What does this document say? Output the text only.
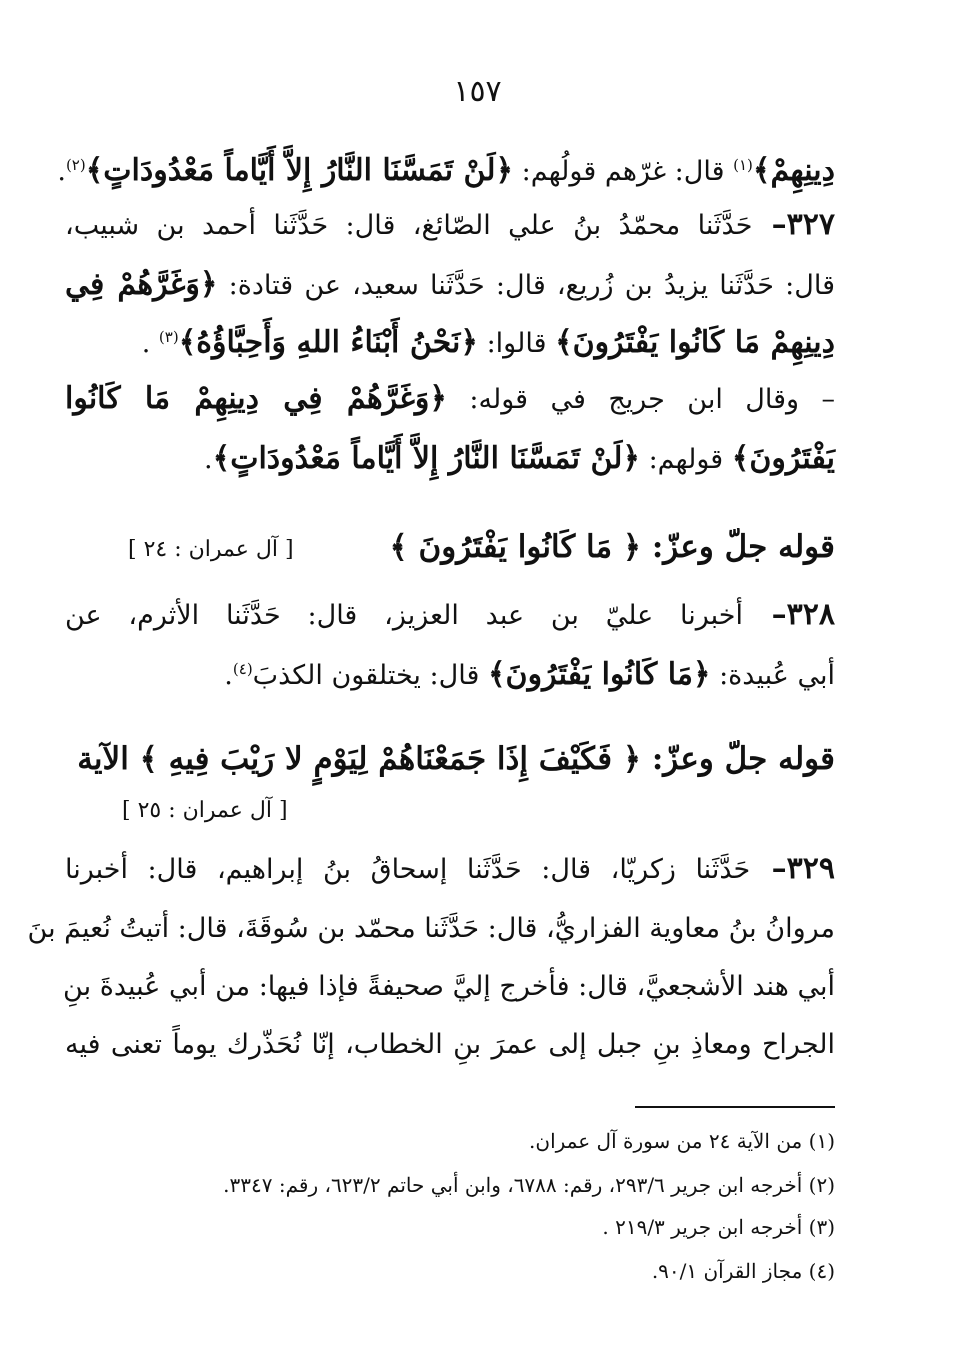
١٥٧
دِينِهِمْ﴾$^{(١)}$ قال: غرّهم قولُهم: ﴿لَنْ تَمَسَّنَا النَّارُ إِلاَّ أَيَّاماً مَعْدُودَاتٍ﴾$^{(٢)}$.
٣٢٧– حَدَّثَنا محمّدُ بنُ علي الصّائغ، قال: حَدَّثَنا أحمد بن شبيب،
قال: حَدَّثَنا يزيدُ بن زُريع، قال: حَدَّثَنا سعيد، عن قتادة: ﴿وَغَرَّهُمْ فِي
دِينِهِمْ مَا كَانُوا يَفْتَرُونَ﴾ قالوا: ﴿نَحْنُ أَبْنَاءُ اللهِ وَأَحِبَّاؤُهُ﴾$^{(٣)}$ .
– وقال ابن جريج في قوله: ﴿وَغَرَّهُمْ فِي دِينِهِمْ مَا كَانُوا
يَفْتَرُونَ﴾ قولهم: ﴿لَنْ تَمَسَّنَا النَّارُ إِلاَّ أَيَّاماً مَعْدُودَاتٍ﴾.
قوله جلّ وعزّ: ﴿ مَا كَانُوا يَفْتَرُونَ ﴾
[ آل عمران : ٢٤ ]
٣٢٨– أخبرنا عليّ بن عبد العزيز، قال: حَدَّثَنا الأثرم، عن
أبي عُبيدة: ﴿مَا كَانُوا يَفْتَرُونَ﴾ قال: يختلقون الكذبَ$^{(٤)}$.
قوله جلّ وعزّ: ﴿ فَكَيْفَ إِذَا جَمَعْنَاهُمْ لِيَوْمٍ لا رَيْبَ فِيهِ ﴾ الآية
[ آل عمران : ٢٥ ]
٣٢٩– حَدَّثَنا زكريّا، قال: حَدَّثَنا إسحاقُ بنُ إبراهيم، قال: أخبرنا
مروانُ بنُ معاوية الفزاريُّ، قال: حَدَّثَنا محمّد بن سُوقَةَ، قال: أتيتُ نُعيمَ بنَ
أبي هند الأشجعيَّ، قال: فأخرج إليَّ صحيفةً فإذا فيها: من أبي عُبيدةَ بنِ
الجراح ومعاذِ بنِ جبل إلى عمرَ بنِ الخطاب، إنّا نُحَذّرك يوماً تعنى فيه
(١) من الآية ٢٤ من سورة آل عمران.
(٢) أخرجه ابن جرير ٢٩٣/٦، رقم: ٦٧٨٨، وابن أبي حاتم ٦٢٣/٢، رقم: ٣٣٤٧.
(٣) أخرجه ابن جرير ٢١٩/٣ .
(٤) مجاز القرآن ٩٠/١.
